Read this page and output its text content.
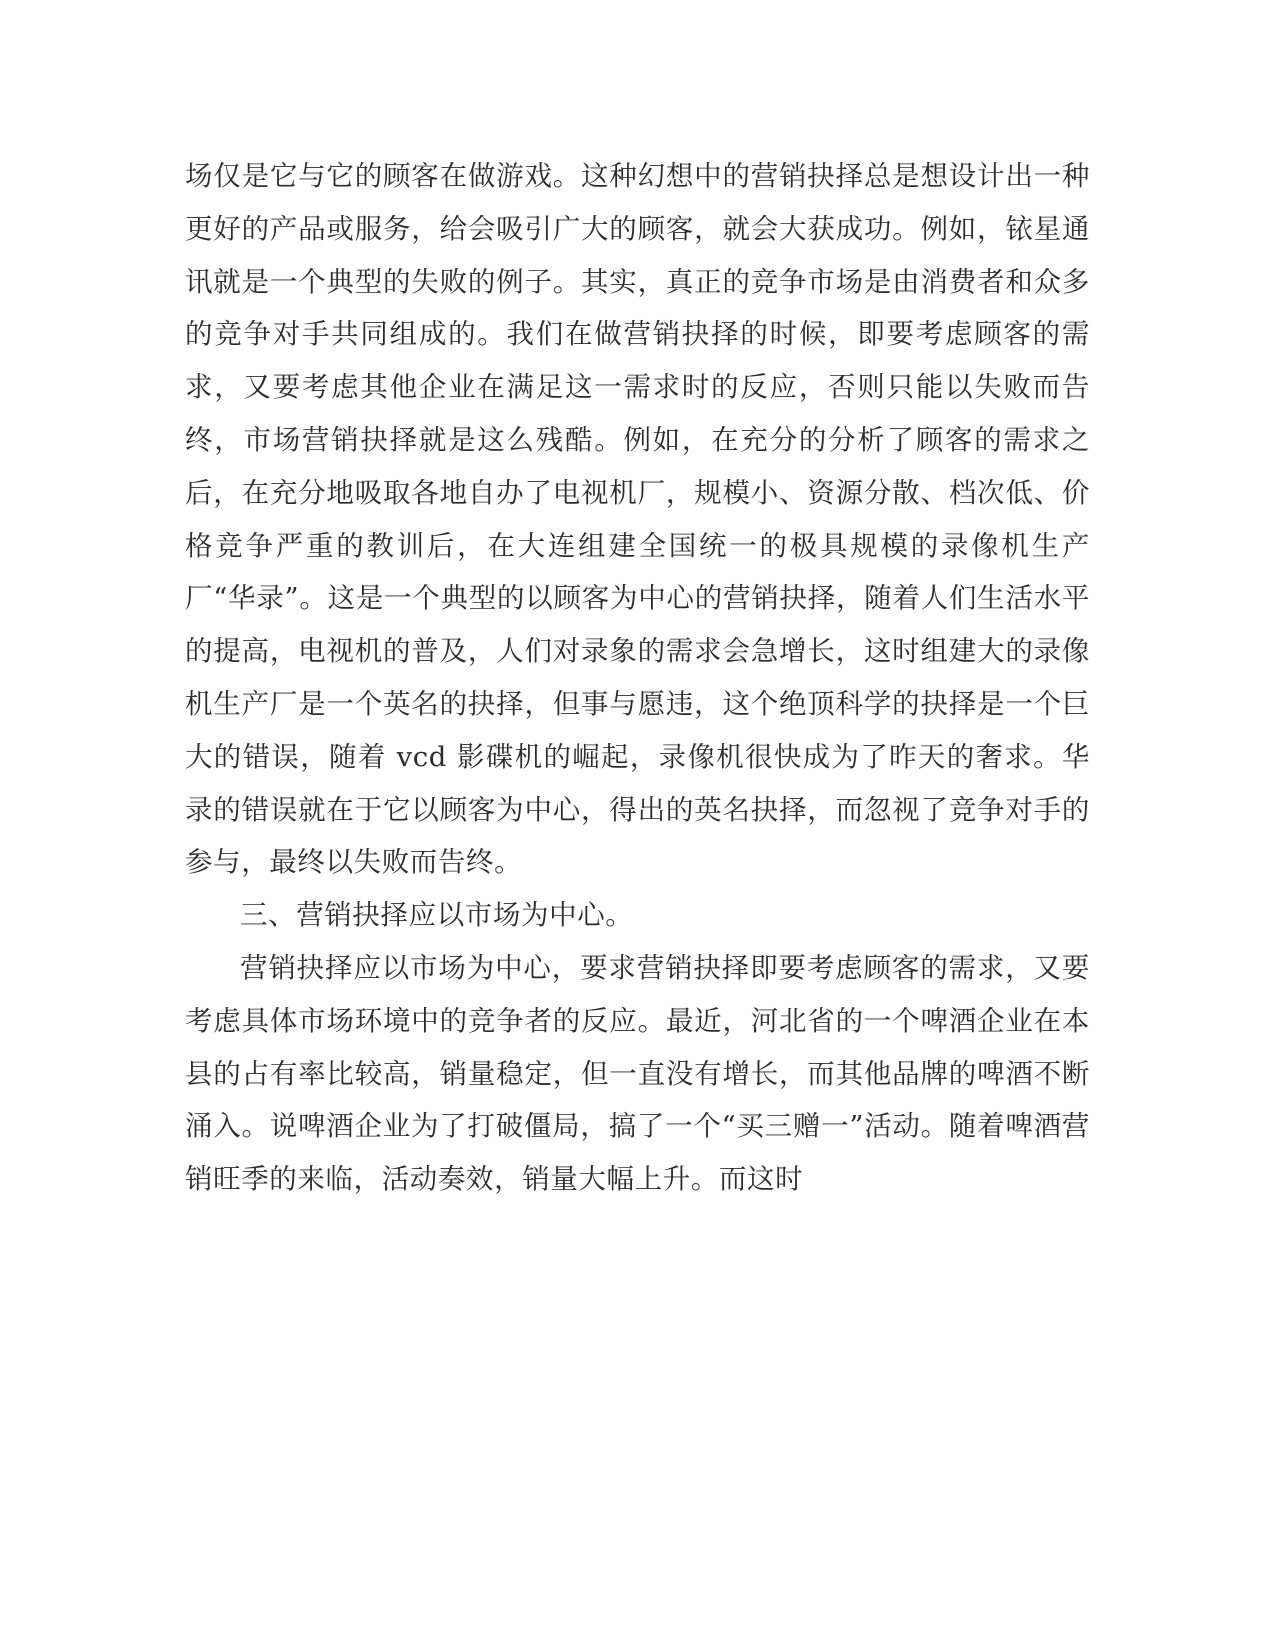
场仅是它与它的顾客在做游戏。这种幻想中的营销抉择总是想设计出一种更好的产品或服务，给会吸引广大的顾客，就会大获成功。例如，铱星通讯就是一个典型的失败的例子。其实，真正的竞争市场是由消费者和众多的竞争对手共同组成的。我们在做营销抉择的时候，即要考虑顾客的需求，又要考虑其他企业在满足这一需求时的反应，否则只能以失败而告终，市场营销抉择就是这么残酷。例如，在充分的分析了顾客的需求之后，在充分地吸取各地自办了电视机厂，规模小、资源分散、档次低、价格竞争严重的教训后，在大连组建全国统一的极具规模的录像机生产厂“华录”。这是一个典型的以顾客为中心的营销抉择，随着人们生活水平的提高，电视机的普及，人们对录象的需求会急增长，这时组建大的录像机生产厂是一个英名的抉择，但事与愿违，这个绝顶科学的抉择是一个巨大的错误，随着 vcd 影碟机的崛起，录像机很快成为了昨天的奢求。华录的错误就在于它以顾客为中心，得出的英名抉择，而忽视了竞争对手的参与，最终以失败而告终。

三、营销抉择应以市场为中心。

营销抉择应以市场为中心，要求营销抉择即要考虑顾客的需求，又要考虑具体市场环境中的竞争者的反应。最近，河北省的一个啤酒企业在本县的占有率比较高，销量稳定，但一直没有增长，而其他品牌的啤酒不断涌入。说啤酒企业为了打破僵局，搞了一个“买三赠一”活动。随着啤酒营销旺季的来临，活动奏效，销量大幅上升。而这时
